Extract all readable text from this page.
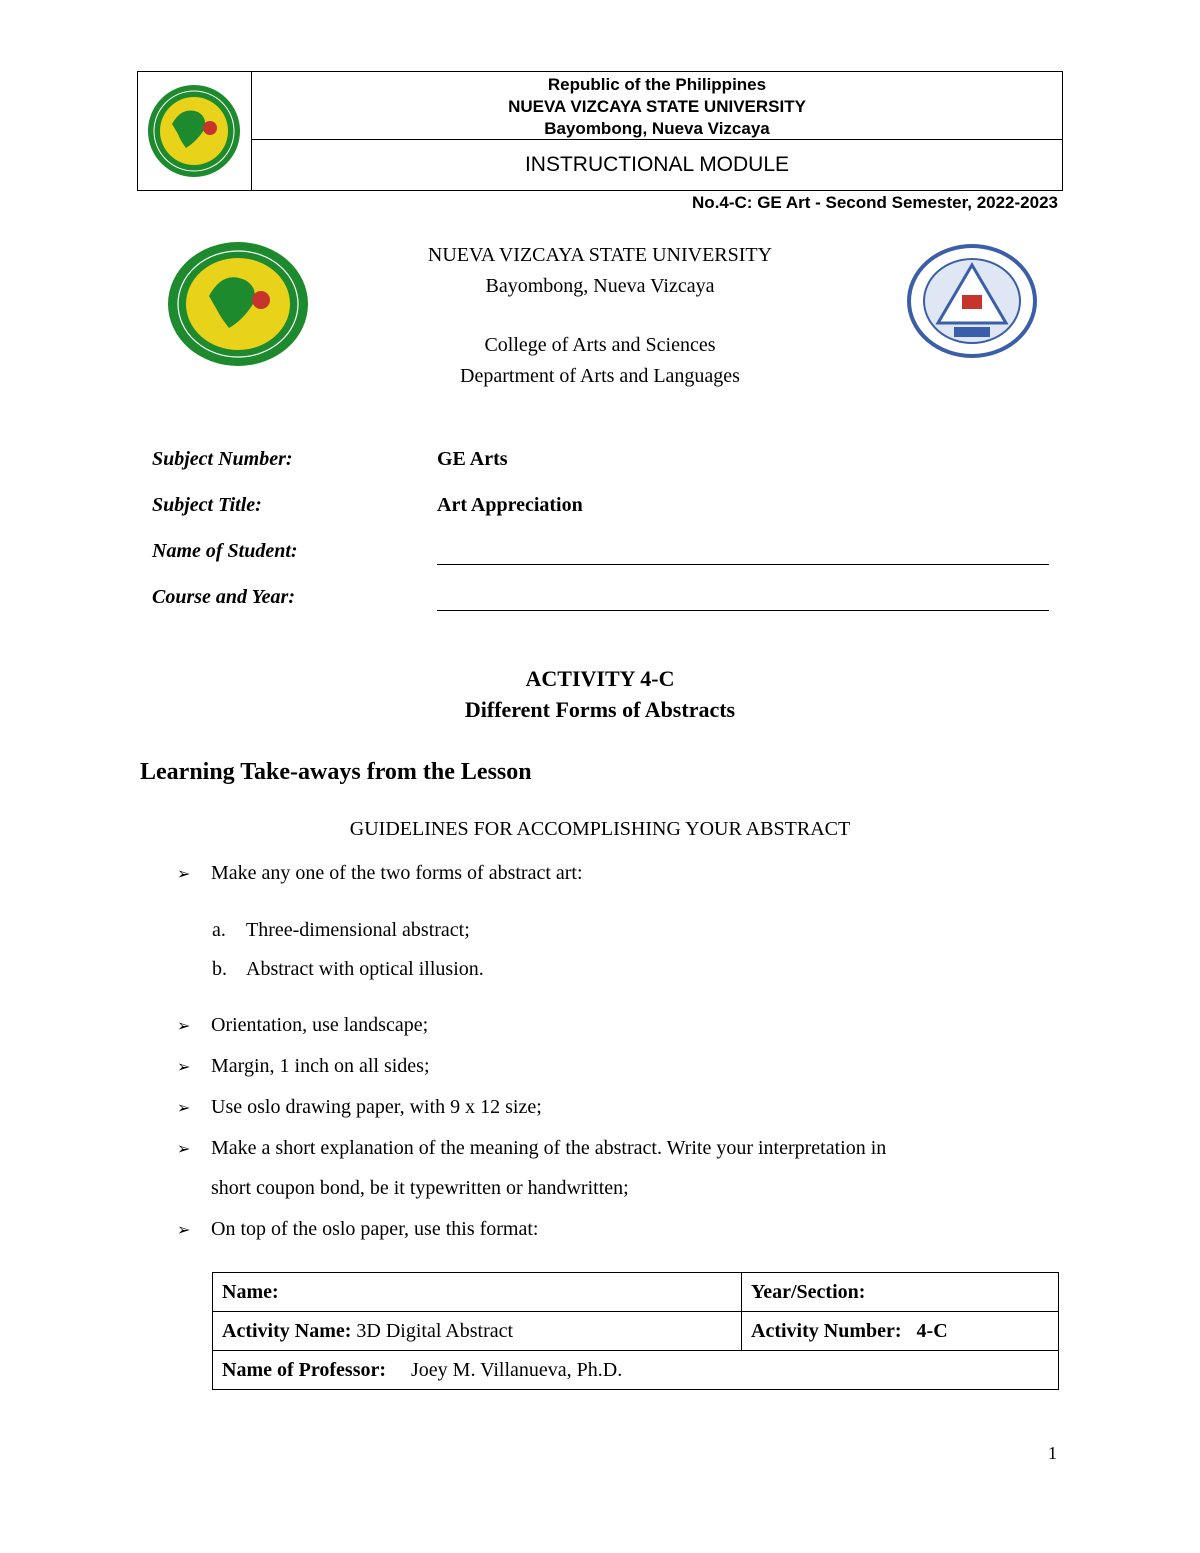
Republic of the Philippines
NUEVA VIZCAYA STATE UNIVERSITY
Bayombong, Nueva Vizcaya
INSTRUCTIONAL MODULE
No.4-C: GE Art - Second Semester, 2022-2023
NUEVA VIZCAYA STATE UNIVERSITY
Bayombong, Nueva Vizcaya
College of Arts and Sciences
Department of Arts and Languages
Subject Number:	GE Arts
Subject Title:	Art Appreciation
Name of Student:
Course and Year:
ACTIVITY 4-C
Different Forms of Abstracts
Learning Take-aways from the Lesson
GUIDELINES FOR ACCOMPLISHING YOUR ABSTRACT
➢	Make any one of the two forms of abstract art:
a.	Three-dimensional abstract;
b. Abstract with optical illusion.
➢	Orientation, use landscape;
➢	Margin, 1 inch on all sides;
➢	Use oslo drawing paper, with 9 x 12 size;
➢	Make a short explanation of the meaning of the abstract. Write your interpretation in
short coupon bond, be it typewritten or handwritten;
➢	On top of the oslo paper, use this format:
Name:	Year/Section:
Activity Name: 3D Digital Abstract	Activity Number: 4-C
Name of Professor: Joey M. Villanueva, Ph.D.	
1
